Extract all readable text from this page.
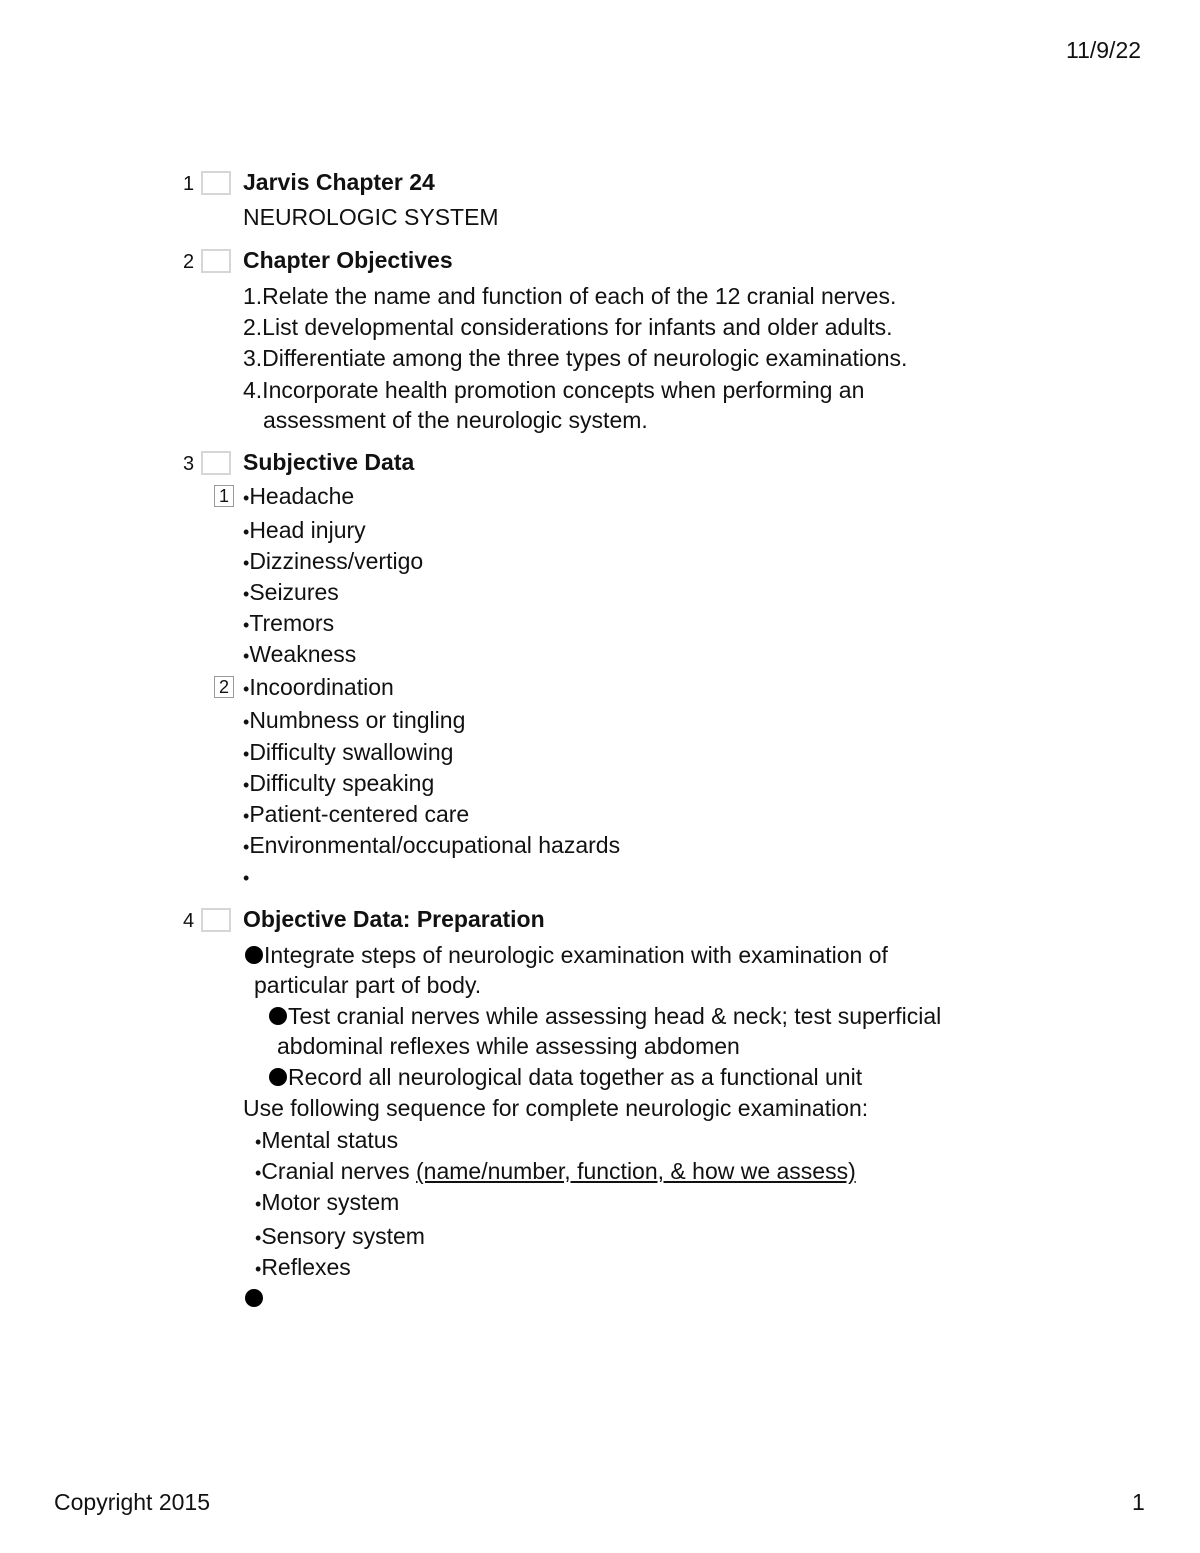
11/9/22
1 Jarvis Chapter 24
NEUROLOGIC SYSTEM
2 Chapter Objectives
1.Relate the name and function of each of the 12 cranial nerves.
2.List developmental considerations for infants and older adults.
3.Differentiate among the three types of neurologic examinations.
4.Incorporate health promotion concepts when performing an
assessment of the neurologic system.
3 Subjective Data
1
2
•Headache
•Head injury
•Dizziness/vertigo
•Seizures
•Tremors
•Weakness
•Incoordination
•Numbness or tingling
•Difficulty swallowing
•Difficulty speaking
•Patient-centered care
•Environmental/occupational hazards
•
4 Objective Data: Preparation
Integrate steps of neurologic examination with examination of
particular part of body.
Test cranial nerves while assessing head & neck; test superficial
abdominal reflexes while assessing abdomen
Record all neurological data together as a functional unit
Use following sequence for complete neurologic examination:
•Mental status
•Cranial nerves (name/number, function, & how we assess)
•Motor system
•Sensory system
•Reflexes
Copyright 2015	1
